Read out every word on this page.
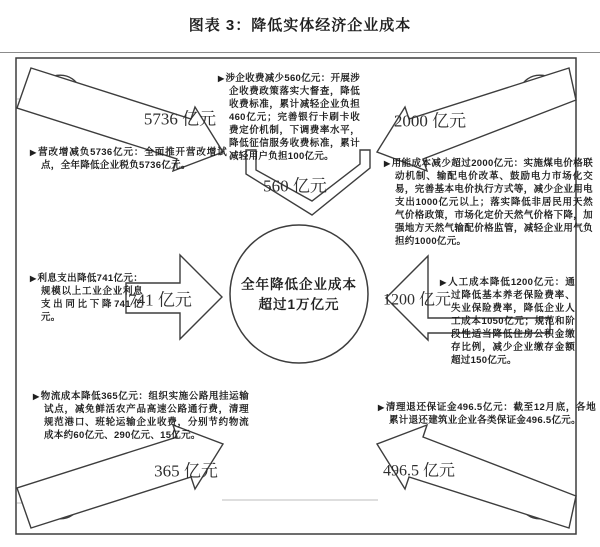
图表 3：降低实体经济企业成本
全年降低企业成本
超过1万亿元
5736 亿元
560 亿元
2000 亿元
741 亿元	1200 亿元
365 亿元	496.5 亿元
▶营改增减负5736亿元：全面推开营改增试点，全年降低企业税负5736亿元。
▶涉企收费减少560亿元：开展涉企收费政策落实大督查，降低收费标准，累计减轻企业负担460亿元；完善银行卡刷卡收费定价机制，下调费率水平，降低征信服务收费标准，累计减轻用户负担100亿元。
▶用能成本减少超过2000亿元：实施煤电价格联动机制、输配电价改革、鼓励电力市场化交易，完善基本电价执行方式等，减少企业用电支出1000亿元以上；落实降低非居民用天然气价格政策，市场化定价天然气价格下降，加强地方天然气输配价格监管，减轻企业用气负担约1000亿元。
▶利息支出降低741亿元：规模以上工业企业利息支出同比下降741亿元。
▶人工成本降低1200亿元：通过降低基本养老保险费率、失业保险费率，降低企业人工成本1050亿元；规范和阶段性适当降低住房公积金缴存比例，减少企业缴存金额超过150亿元。
▶物流成本降低365亿元：组织实施公路甩挂运输试点，减免鲜活农产品高速公路通行费，清理规范港口、班轮运输企业收费，分别节约物流成本约60亿元、290亿元、15亿元。
▶清理退还保证金496.5亿元：截至12月底，各地累计退还建筑业企业各类保证金496.5亿元。
